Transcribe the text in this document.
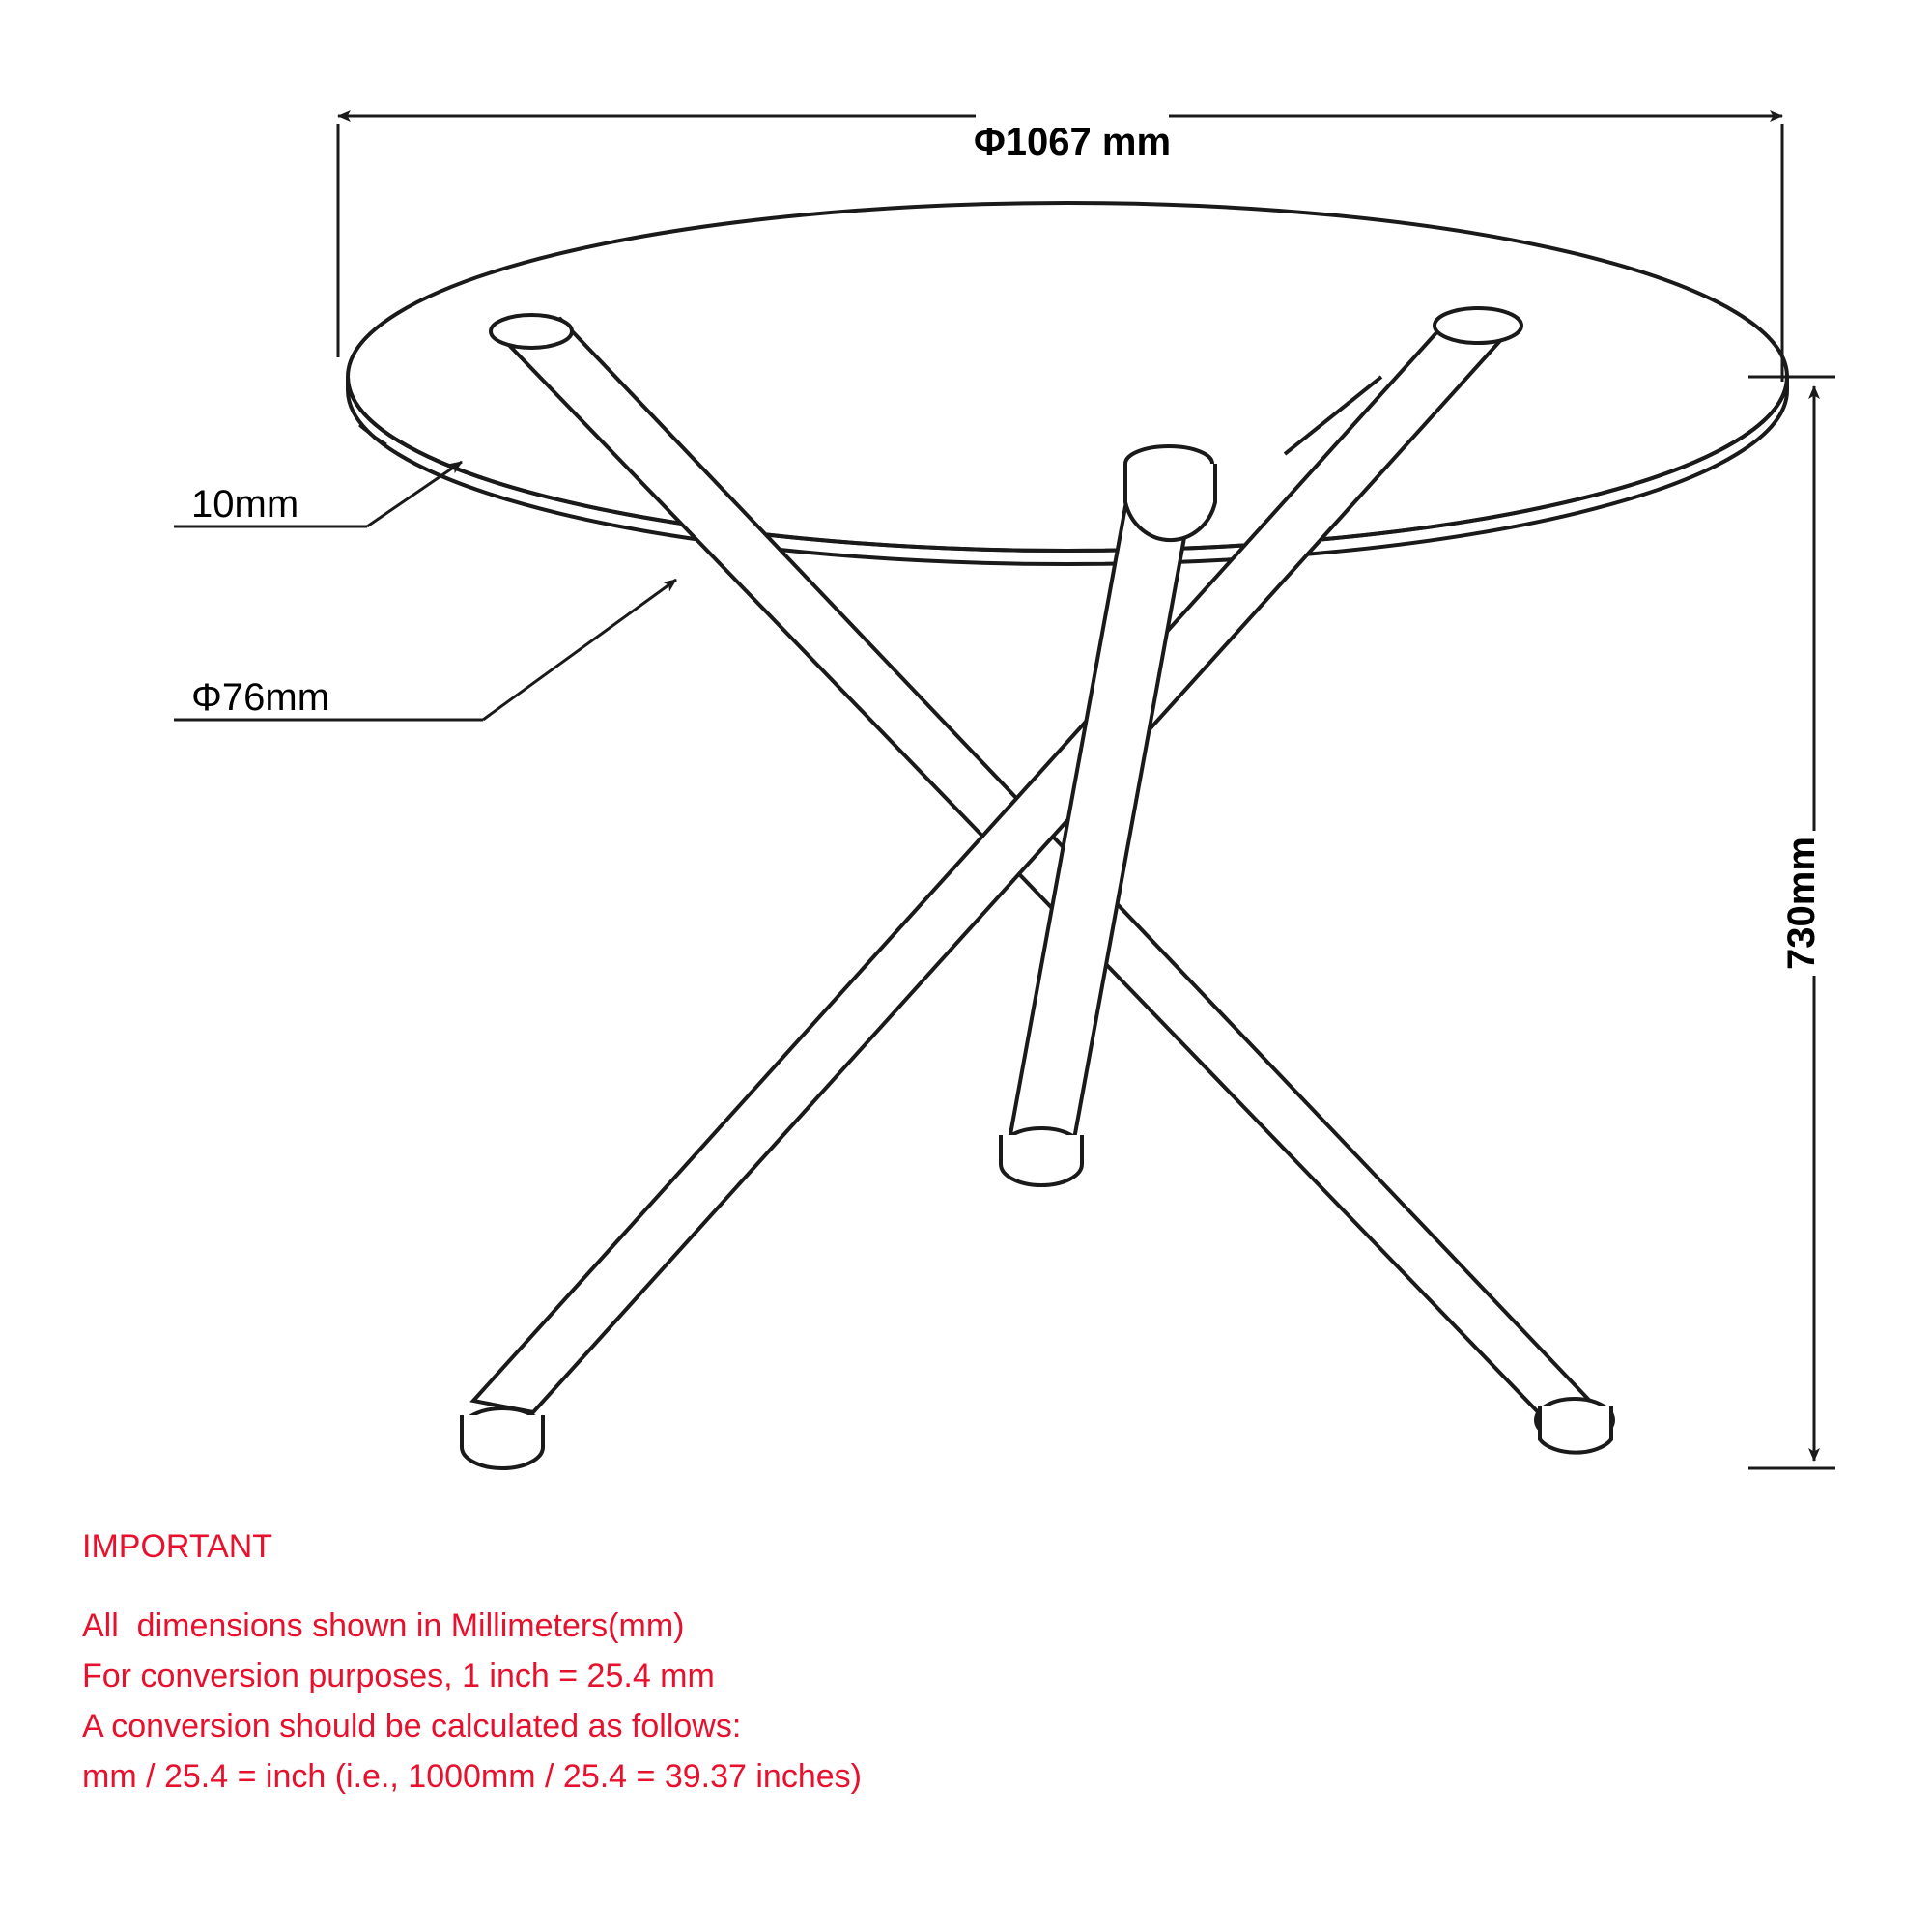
Φ1067 mm
10mm
Φ76mm
730mm
IMPORTANT
All  dimensions shown in Millimeters(mm)
For conversion purposes, 1 inch = 25.4 mm
A conversion should be calculated as follows:
mm / 25.4 = inch (i.e., 1000mm / 25.4 = 39.37 inches)
